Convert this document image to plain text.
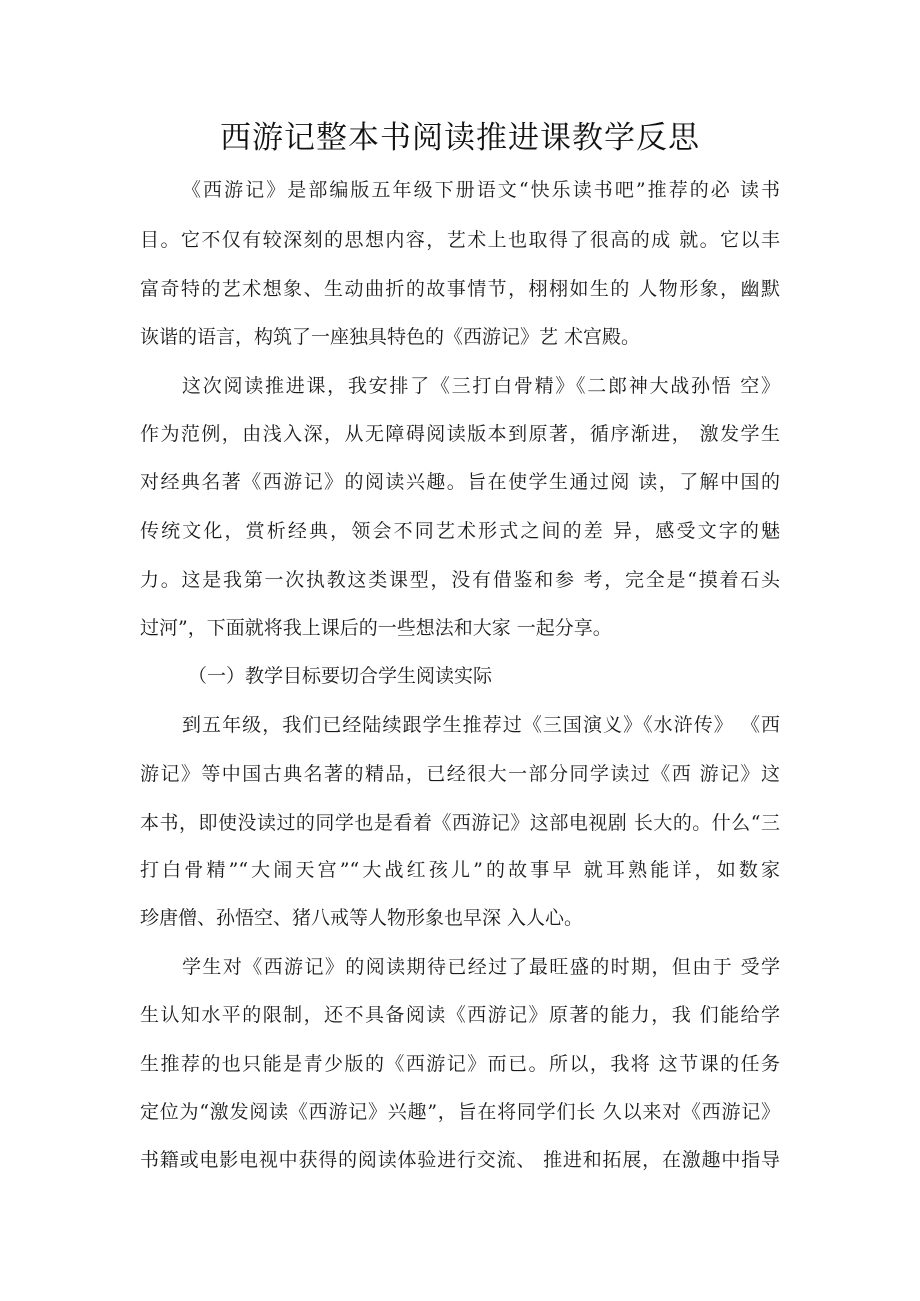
西游记整本书阅读推进课教学反思
《西游记》是部编版五年级下册语文“快乐读书吧”推荐的必 读书
目。它不仅有较深刻的思想内容，艺术上也取得了很高的成 就。它以丰
富奇特的艺术想象、生动曲折的故事情节，栩栩如生的 人物形象，幽默
诙谐的语言，构筑了一座独具特色的《西游记》艺 术宫殿。
这次阅读推进课，我安排了《三打白骨精》《二郎神大战孙悟 空》
作为范例，由浅入深，从无障碍阅读版本到原著，循序渐进， 激发学生
对经典名著《西游记》的阅读兴趣。旨在使学生通过阅 读，了解中国的
传统文化，赏析经典，领会不同艺术形式之间的差 异，感受文字的魅
力。这是我第一次执教这类课型，没有借鉴和参 考，完全是“摸着石头
过河”，下面就将我上课后的一些想法和大家 一起分享。
（一）教学目标要切合学生阅读实际
到五年级，我们已经陆续跟学生推荐过《三国演义》《水浒传》 《西
游记》等中国古典名著的精品，已经很大一部分同学读过《西 游记》这
本书，即使没读过的同学也是看着《西游记》这部电视剧 长大的。什么“三
打白骨精”“大闹天宫”“大战红孩儿”的故事早 就耳熟能详，如数家
珍唐僧、孙悟空、猪八戒等人物形象也早深 入人心。
学生对《西游记》的阅读期待已经过了最旺盛的时期，但由于 受学
生认知水平的限制，还不具备阅读《西游记》原著的能力，我 们能给学
生推荐的也只能是青少版的《西游记》而已。所以，我将 这节课的任务
定位为“激发阅读《西游记》兴趣”，旨在将同学们长 久以来对《西游记》
书籍或电影电视中获得的阅读体验进行交流、 推进和拓展，在激趣中指导
